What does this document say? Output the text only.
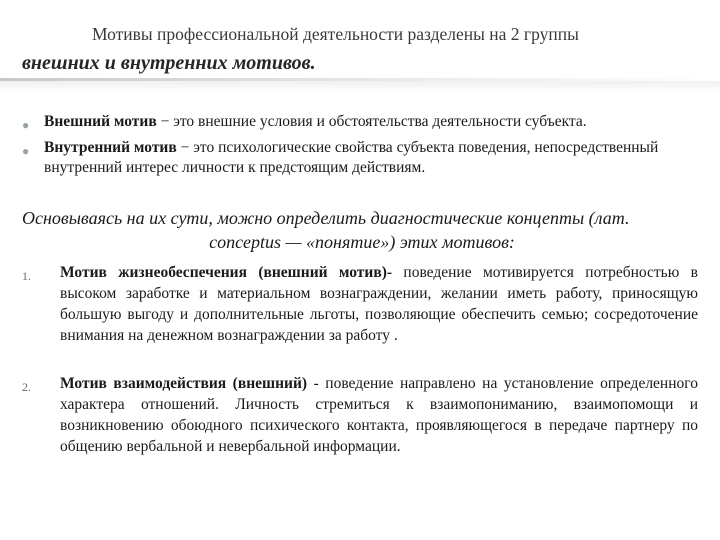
Мотивы профессиональной деятельности разделены на 2 группы
внешних и внутренних мотивов.
● Внешний мотив − это внешние условия и обстоятельства деятельности субъекта.
● Внутренний мотив − это психологические свойства субъекта поведения, непосредственный внутренний интерес личности к предстоящим действиям.
Основываясь на их сути, можно определить диагностические концепты (лат.
conceptus — «понятие») этих мотивов:
1. Мотив жизнеобеспечения (внешний мотив)- поведение мотивируется потребностью в высоком заработке и материальном вознаграждении, желании иметь работу, приносящую большую выгоду и дополнительные льготы, позволяющие обеспечить семью; сосредоточение внимания на денежном вознаграждении за работу .
2. Мотив взаимодействия (внешний) - поведение направлено на установление определенного характера отношений. Личность стремиться к взаимопониманию, взаимопомощи и возникновению обоюдного психического контакта, проявляющегося в передаче партнеру по общению вербальной и невербальной информации.
